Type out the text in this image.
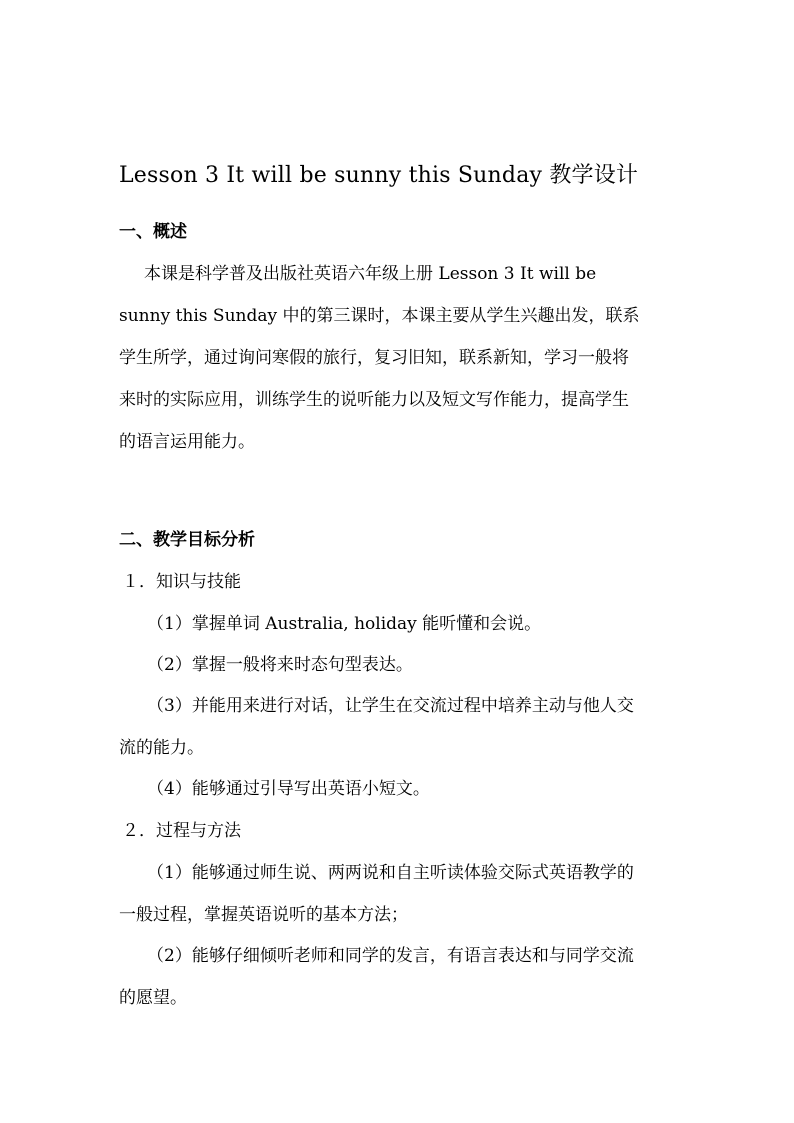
Lesson 3 It will be sunny this Sunday 教学设计
一、概述
本课是科学普及出版社英语六年级上册 Lesson 3 It will be
sunny this Sunday 中的第三课时，本课主要从学生兴趣出发，联系
学生所学，通过询问寒假的旅行，复习旧知，联系新知，学习一般将
来时的实际应用，训练学生的说听能力以及短文写作能力，提高学生
的语言运用能力。
二、教学目标分析
１．知识与技能
（1）掌握单词 Australia, holiday 能听懂和会说。
（2）掌握一般将来时态句型表达。
（3）并能用来进行对话，让学生在交流过程中培养主动与他人交
流的能力。
（4）能够通过引导写出英语小短文。
２．过程与方法
（1）能够通过师生说、两两说和自主听读体验交际式英语教学的
一般过程，掌握英语说听的基本方法；
（2）能够仔细倾听老师和同学的发言，有语言表达和与同学交流
的愿望。
